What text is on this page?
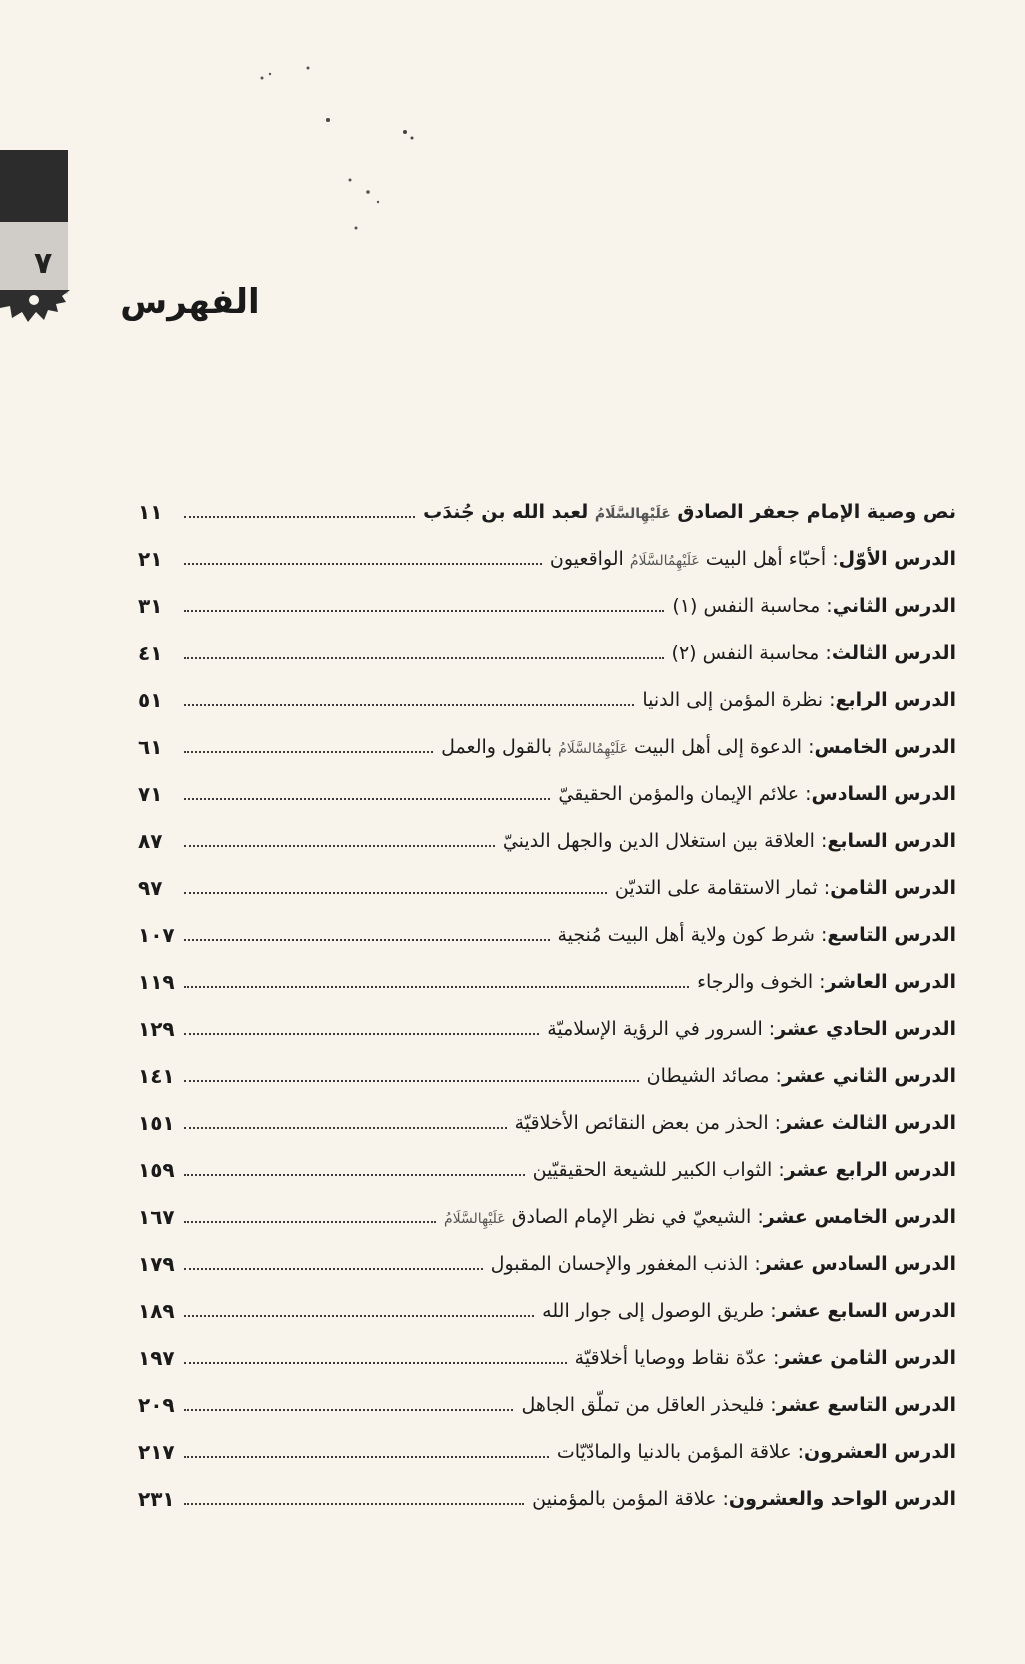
٧
الفهرس
١١	نص وصية الإمام جعفر الصادق عَلَيْهِالسَّلَامُ لعبد الله بن جُندَب
٢١	الدرس الأوّل: أحبّاء أهل البيت عَلَيْهِمُالسَّلَامُ الواقعيون
٣١	الدرس الثاني: محاسبة النفس (١)
٤١	الدرس الثالث: محاسبة النفس (٢)
٥١	الدرس الرابع: نظرة المؤمن إلى الدنيا
٦١	الدرس الخامس: الدعوة إلى أهل البيت عَلَيْهِمُالسَّلَامُ بالقول والعمل
٧١	الدرس السادس: علائم الإيمان والمؤمن الحقيقيّ
٨٧	الدرس السابع: العلاقة بين استغلال الدين والجهل الدينيّ
٩٧	الدرس الثامن: ثمار الاستقامة على التديّن
١٠٧	الدرس التاسع: شرط كون ولاية أهل البيت مُنجية
١١٩	الدرس العاشر: الخوف والرجاء
١٢٩	الدرس الحادي عشر: السرور في الرؤية الإسلاميّة
١٤١	الدرس الثاني عشر: مصائد الشيطان
١٥١	الدرس الثالث عشر: الحذر من بعض النقائص الأخلاقيّة
١٥٩	الدرس الرابع عشر: الثواب الكبير للشيعة الحقيقيّين
١٦٧	الدرس الخامس عشر: الشيعيّ في نظر الإمام الصادق عَلَيْهِالسَّلَامُ
١٧٩	الدرس السادس عشر: الذنب المغفور والإحسان المقبول
١٨٩	الدرس السابع عشر: طريق الوصول إلى جوار الله
١٩٧	الدرس الثامن عشر: عدّة نقاط ووصايا أخلاقيّة
٢٠٩	الدرس التاسع عشر: فليحذر العاقل من تملّق الجاهل
٢١٧	الدرس العشرون: علاقة المؤمن بالدنيا والمادّيّات
٢٣١	الدرس الواحد والعشرون: علاقة المؤمن بالمؤمنين
